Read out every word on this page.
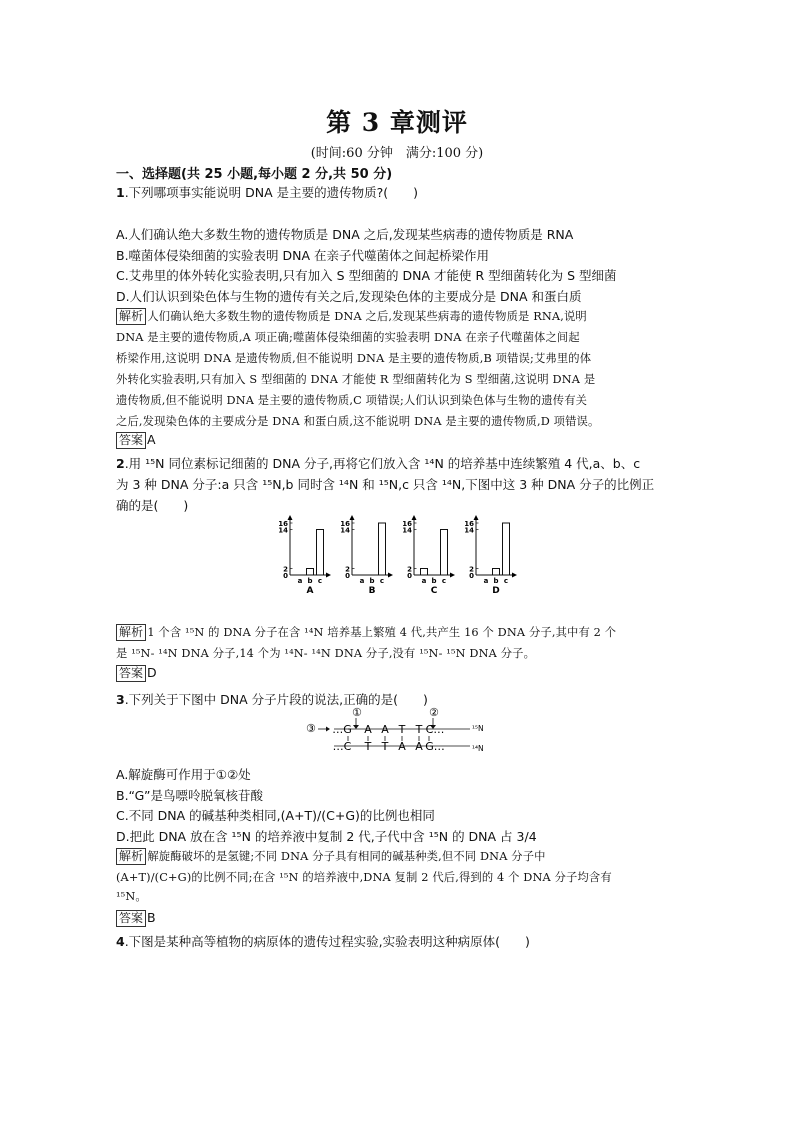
第 3 章测评
(时间:60 分钟　满分:100 分)
一、选择题(共 25 小题,每小题 2 分,共 50 分)
1.下列哪项事实能说明 DNA 是主要的遗传物质?(　　)
A.人们确认绝大多数生物的遗传物质是 DNA 之后,发现某些病毒的遗传物质是 RNA
B.噬菌体侵染细菌的实验表明 DNA 在亲子代噬菌体之间起桥梁作用
C.艾弗里的体外转化实验表明,只有加入 S 型细菌的 DNA 才能使 R 型细菌转化为 S 型细菌
D.人们认识到染色体与生物的遗传有关之后,发现染色体的主要成分是 DNA 和蛋白质
解析 人们确认绝大多数生物的遗传物质是 DNA 之后,发现某些病毒的遗传物质是 RNA,说明
DNA 是主要的遗传物质,A 项正确;噬菌体侵染细菌的实验表明 DNA 在亲子代噬菌体之间起
桥梁作用,这说明 DNA 是遗传物质,但不能说明 DNA 是主要的遗传物质,B 项错误;艾弗里的体
外转化实验表明,只有加入 S 型细菌的 DNA 才能使 R 型细菌转化为 S 型细菌,这说明 DNA 是
遗传物质,但不能说明 DNA 是主要的遗传物质,C 项错误;人们认识到染色体与生物的遗传有关
之后,发现染色体的主要成分是 DNA 和蛋白质,这不能说明 DNA 是主要的遗传物质,D 项错误。
答案 A
2.用 ¹⁵N 同位素标记细菌的 DNA 分子,再将它们放入含 ¹⁴N 的培养基中连续繁殖 4 代,a、b、c
为 3 种 DNA 分子:a 只含 ¹⁵N,b 同时含 ¹⁴N 和 ¹⁵N,c 只含 ¹⁴N,下图中这 3 种 DNA 分子的比例正
确的是(　　)
16
14
2
0
a b c
A
16
14
2
0
a b c
B
16
14
2
0
a b c
C
16
14
2
0
a b c
D
解析 1 个含 ¹⁵N 的 DNA 分子在含 ¹⁴N 培养基上繁殖 4 代,共产生 16 个 DNA 分子,其中有 2 个
是 ¹⁵N- ¹⁴N DNA 分子,14 个为 ¹⁴N- ¹⁴N DNA 分子,没有 ¹⁵N- ¹⁵N DNA 分子。
答案 D
3.下列关于下图中 DNA 分子片段的说法,正确的是(　　)
①	②
…G A A T T C…
…C T T A A G…
③	¹⁵N
¹⁴N
A.解旋酶可作用于①②处
B.“G”是鸟嘌呤脱氧核苷酸
C.不同 DNA 的碱基种类相同,(A+T)/(C+G)的比例也相同
D.把此 DNA 放在含 ¹⁵N 的培养液中复制 2 代,子代中含 ¹⁵N 的 DNA 占 3/4
解析 解旋酶破坏的是氢键;不同 DNA 分子具有相同的碱基种类,但不同 DNA 分子中
(A+T)/(C+G)的比例不同;在含 ¹⁵N 的培养液中,DNA 复制 2 代后,得到的 4 个 DNA 分子均含有
¹⁵N。
答案 B
4.下图是某种高等植物的病原体的遗传过程实验,实验表明这种病原体(　　)
